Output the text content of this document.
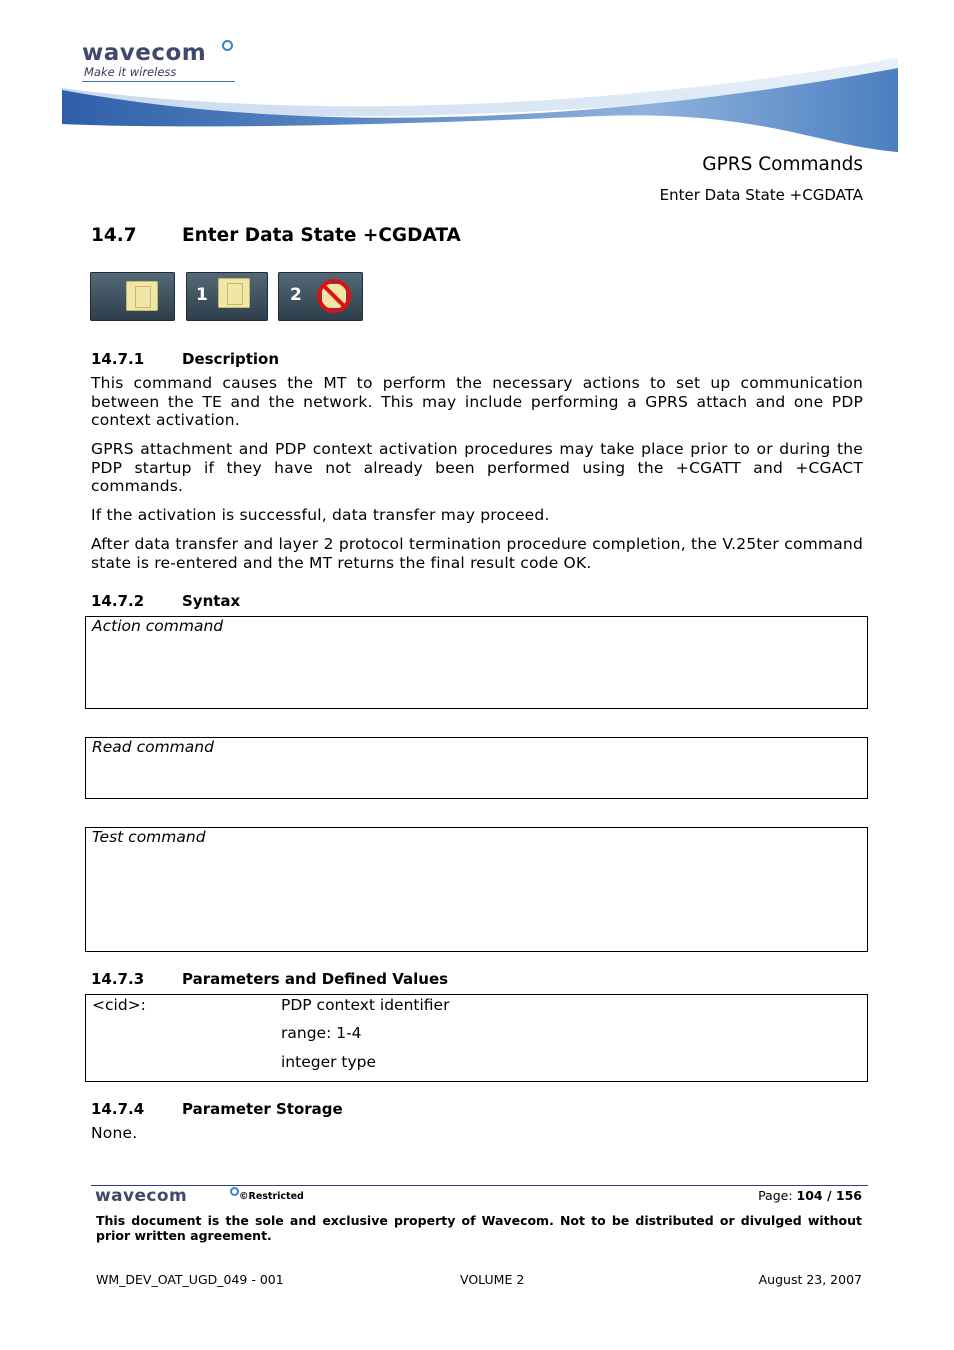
wavecom
Make it wireless
GPRS Commands
Enter Data State +CGDATA
14.7 Enter Data State +CGDATA
1	2
14.7.1	Description
This command causes the MT to perform the necessary actions to set up communication between the TE and the network. This may include performing a GPRS attach and one PDP context activation.
GPRS attachment and PDP context activation procedures may take place prior to or during the PDP startup if they have not already been performed using the +CGATT and +CGACT commands.
If the activation is successful, data transfer may proceed.
After data transfer and layer 2 protocol termination procedure completion, the V.25ter command state is re-entered and the MT returns the final result code OK.
14.7.2	Syntax
Action command
Read command
Test command
14.7.3	Parameters and Defined Values
<cid>:	PDP context identifier
range: 1-4
integer type
14.7.4	Parameter Storage
None.
wavecom	©Restricted	Page: 104 / 156
This document is the sole and exclusive property of Wavecom. Not to be distributed or divulged without prior written agreement.
WM_DEV_OAT_UGD_049 - 001	VOLUME 2	August 23, 2007
